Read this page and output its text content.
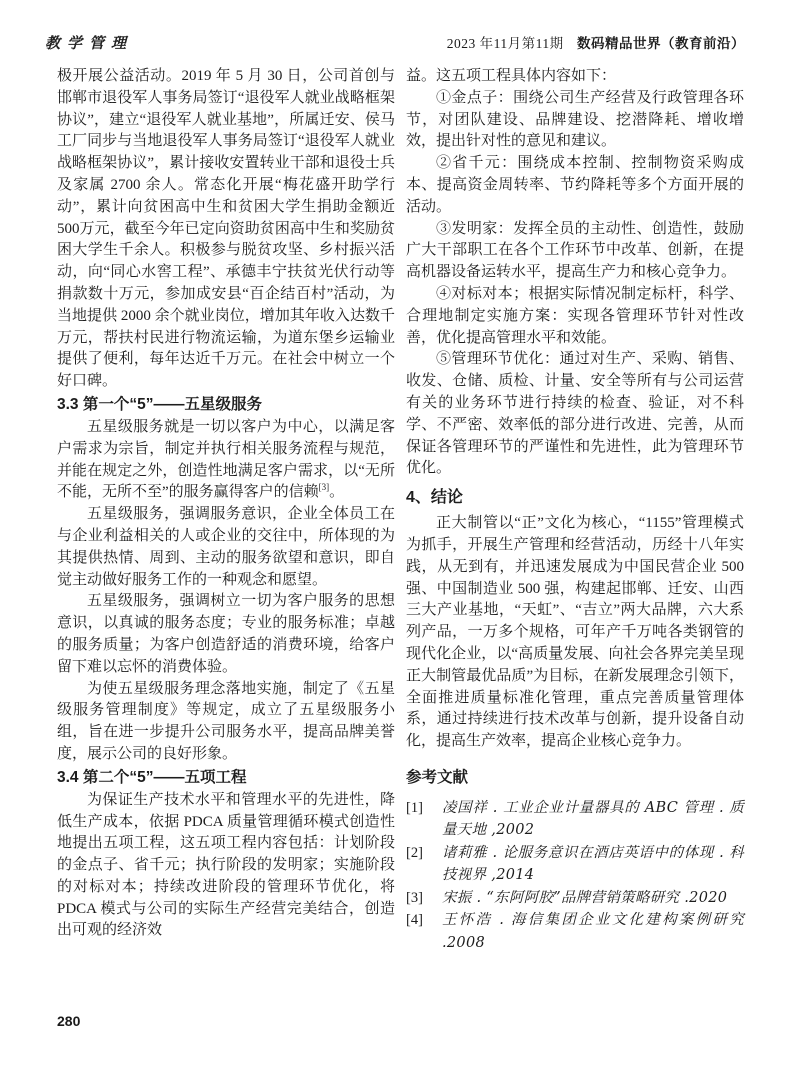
教学管理	2023 年11月第11期 数码精品世界（教育前沿）

极开展公益活动。2019 年 5 月 30 日，公司首创与邯郸市退役军人事务局签订“退役军人就业战略框架协议”，建立“退役军人就业基地”，所属迁安、侯马工厂同步与当地退役军人事务局签订“退役军人就业战略框架协议”，累计接收安置转业干部和退役士兵及家属 2700 余人。常态化开展“梅花盛开助学行动”，累计向贫困高中生和贫困大学生捐助金额近500万元，截至今年已定向资助贫困高中生和奖励贫困大学生千余人。积极参与脱贫攻坚、乡村振兴活动，向“同心水窖工程”、承德丰宁扶贫光伏行动等捐款数十万元，参加成安县“百企结百村”活动，为当地提供 2000 余个就业岗位，增加其年收入达数千万元，帮扶村民进行物流运输，为道东堡乡运输业提供了便利，每年达近千万元。在社会中树立一个好口碑。

3.3 第一个“5”——五星级服务

五星级服务就是一切以客户为中心，以满足客户需求为宗旨，制定并执行相关服务流程与规范，并能在规定之外，创造性地满足客户需求，以“无所不能，无所不至”的服务赢得客户的信赖[3]。

五星级服务，强调服务意识，企业全体员工在与企业利益相关的人或企业的交往中，所体现的为其提供热情、周到、主动的服务欲望和意识，即自觉主动做好服务工作的一种观念和愿望。

五星级服务，强调树立一切为客户服务的思想意识，以真诚的服务态度；专业的服务标准；卓越的服务质量；为客户创造舒适的消费环境，给客户留下难以忘怀的消费体验。

为使五星级服务理念落地实施，制定了《五星级服务管理制度》等规定，成立了五星级服务小组，旨在进一步提升公司服务水平，提高品牌美誉度，展示公司的良好形象。

3.4 第二个“5”——五项工程

为保证生产技术水平和管理水平的先进性，降低生产成本，依据 PDCA 质量管理循环模式创造性地提出五项工程，这五项工程内容包括：计划阶段的金点子、省千元；执行阶段的发明家；实施阶段的对标对本；持续改进阶段的管理环节优化，将 PDCA 模式与公司的实际生产经营完美结合，创造出可观的经济效

益。这五项工程具体内容如下：

①金点子：围绕公司生产经营及行政管理各环节，对团队建设、品牌建设、挖潜降耗、增收增效，提出针对性的意见和建议。

②省千元：围绕成本控制、控制物资采购成本、提高资金周转率、节约降耗等多个方面开展的活动。

③发明家：发挥全员的主动性、创造性，鼓励广大干部职工在各个工作环节中改革、创新，在提高机器设备运转水平，提高生产力和核心竞争力。

④对标对本；根据实际情况制定标杆，科学、合理地制定实施方案：实现各管理环节针对性改善，优化提高管理水平和效能。

⑤管理环节优化：通过对生产、采购、销售、收发、仓储、质检、计量、安全等所有与公司运营有关的业务环节进行持续的检查、验证，对不科学、不严密、效率低的部分进行改进、完善，从而保证各管理环节的严谨性和先进性，此为管理环节优化。

4、结论

正大制管以“正”文化为核心，“1155”管理模式为抓手，开展生产管理和经营活动，历经十八年实践，从无到有，并迅速发展成为中国民营企业 500 强、中国制造业 500 强，构建起邯郸、迁安、山西三大产业基地，“天虹”、“吉立”两大品牌，六大系列产品，一万多个规格，可年产千万吨各类钢管的现代化企业，以“高质量发展、向社会各界完美呈现正大制管最优品质”为目标，在新发展理念引领下，全面推进质量标准化管理，重点完善质量管理体系，通过持续进行技术改革与创新，提升设备自动化，提高生产效率，提高企业核心竞争力。

参考文献
[1]	凌国祥 . 工业企业计量器具的 ABC 管理 . 质量天地 ,2002
[2]	诸莉雅 . 论服务意识在酒店英语中的体现 . 科技视界 ,2014
[3]	宋振 . “东阿阿胶”品牌营销策略研究 .2020
[4]	王怀浩 . 海信集团企业文化建构案例研究 .2008
280
